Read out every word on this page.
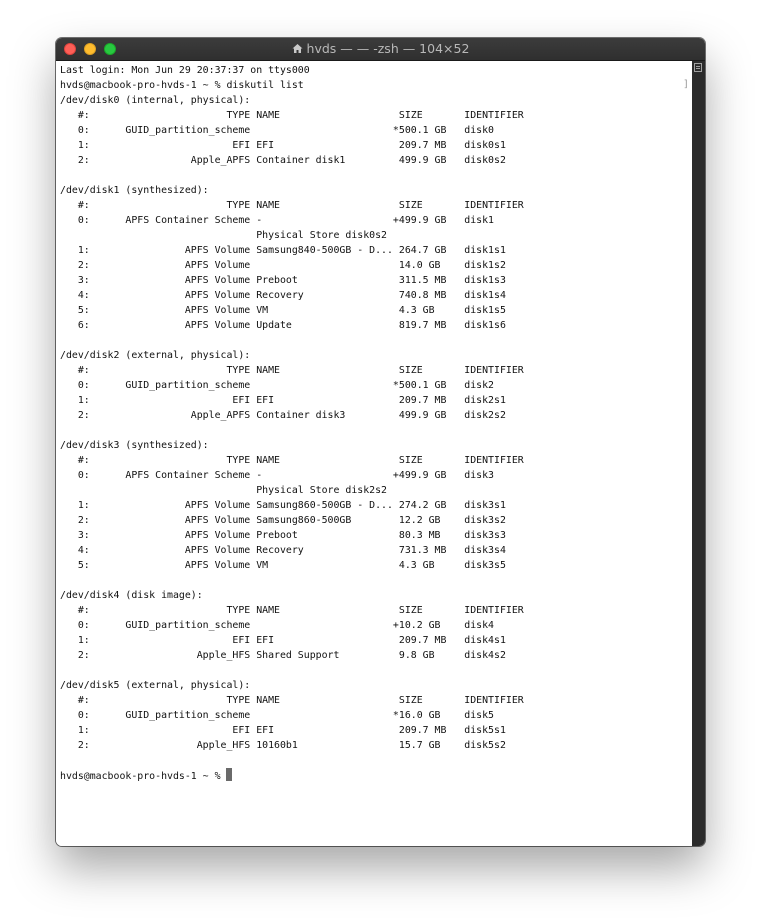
hvds — — -zsh — 104×52
Last login: Mon Jun 29 20:37:37 on ttys000
hvds@macbook-pro-hvds-1 ~ % diskutil list
/dev/disk0 (internal, physical):
#:                       TYPE NAME                    SIZE       IDENTIFIER
0:      GUID_partition_scheme                        *500.1 GB   disk0
1:                        EFI EFI                     209.7 MB   disk0s1
2:                 Apple_APFS Container disk1         499.9 GB   disk0s2
/dev/disk1 (synthesized):
#:                       TYPE NAME                    SIZE       IDENTIFIER
0:      APFS Container Scheme -                      +499.9 GB   disk1
Physical Store disk0s2
1:                APFS Volume Samsung840-500GB - D... 264.7 GB   disk1s1
2:                APFS Volume                         14.0 GB    disk1s2
3:                APFS Volume Preboot                 311.5 MB   disk1s3
4:                APFS Volume Recovery                740.8 MB   disk1s4
5:                APFS Volume VM                      4.3 GB     disk1s5
6:                APFS Volume Update                  819.7 MB   disk1s6
/dev/disk2 (external, physical):
#:                       TYPE NAME                    SIZE       IDENTIFIER
0:      GUID_partition_scheme                        *500.1 GB   disk2
1:                        EFI EFI                     209.7 MB   disk2s1
2:                 Apple_APFS Container disk3         499.9 GB   disk2s2
/dev/disk3 (synthesized):
#:                       TYPE NAME                    SIZE       IDENTIFIER
0:      APFS Container Scheme -                      +499.9 GB   disk3
Physical Store disk2s2
1:                APFS Volume Samsung860-500GB - D... 274.2 GB   disk3s1
2:                APFS Volume Samsung860-500GB        12.2 GB    disk3s2
3:                APFS Volume Preboot                 80.3 MB    disk3s3
4:                APFS Volume Recovery                731.3 MB   disk3s4
5:                APFS Volume VM                      4.3 GB     disk3s5
/dev/disk4 (disk image):
#:                       TYPE NAME                    SIZE       IDENTIFIER
0:      GUID_partition_scheme                        +10.2 GB    disk4
1:                        EFI EFI                     209.7 MB   disk4s1
2:                  Apple_HFS Shared Support          9.8 GB     disk4s2
/dev/disk5 (external, physical):
#:                       TYPE NAME                    SIZE       IDENTIFIER
0:      GUID_partition_scheme                        *16.0 GB    disk5
1:                        EFI EFI                     209.7 MB   disk5s1
2:                  Apple_HFS 10160b1                 15.7 GB    disk5s2
hvds@macbook-pro-hvds-1 ~ %
]
